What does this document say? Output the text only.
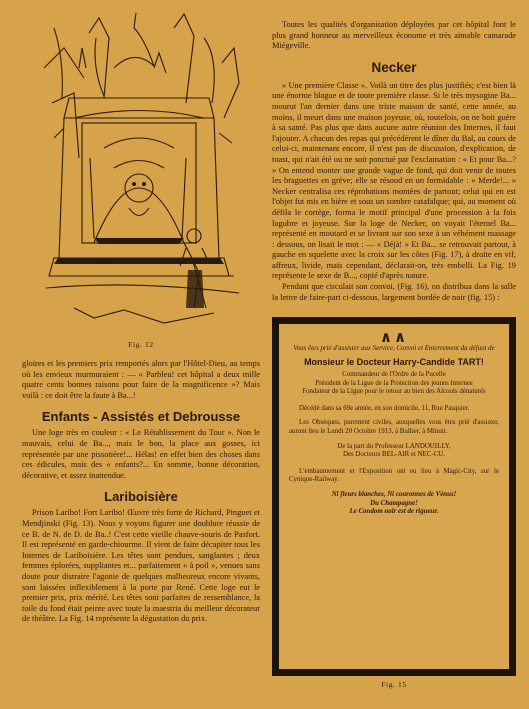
Fig. 12

gloires et les premiers prix remportés alors par l'Hôtel-Dieu, au temps où les envieux murmuraient : — « Parbleu! cet hôpital a deux mille quatre cents bonnes raisons pour faire de la magnificence »? Mais voilà : ce doit être la faute à Ba...!

Enfants - Assistés et Debrousse

Une loge très en couleur : « Le Rétablissement du Tour ». Non le mauvais, celui de Ba..., mais le bon, la place aux gosses, ici représentée par une pissotière!... Hélas! en effet bien des choses dans ces édicules, mais des « enfants?... En somme, bonne décoration, décorative, et assez inattendue.

Lariboisière

Prison Laribo! Fort Laribo! Œuvre très forte de Richard, Pinguet et Mendjinski (Fig. 13). Nous y voyons figurer une doublure réussie de ce B. de N. de D. de Ba..! C'est cette vieille chauve-souris de Pasfort. Il est représenté en garde-chiourme. Il vient de faire décapiter tous les Internes de Lariboisière. Les têtes sont pendues, sanglantes ; deux femmes éplorées, suppliantes et... parfaitement « à poil », venues sans doute pour distraire l'agonie de quelques malheureux encore vivants, sont laissées inflexiblement à la porte par René. Cette loge eut le premier prix, prix mérité. Les têtes sont parfaites de ressemblance, la toile du fond était peinte avec toute la maestria du meilleur décorateur de théâtre. La Fig. 14 représente la dégustation du prix.

Toutes les qualités d'organisation déployées par cet hôpital font le plus grand honneur au merveilleux économe et très aimable camarade Miégeville.

Necker

« Une première Classe ». Voilà un titre des plus justifiés; c'est bien là une énorme blague et de toute première classe. Si le très mysogine Ba... mourut l'an dernier dans une triste maison de santé, cette année, au moins, il meurt dans une maison joyeuse, où, toutefois, on ne boit guère à sa santé. Pas plus que dans aucune autre réunion des Internes, il faut l'ajouter. A chacun des repas qui précédèrent le dîner du Bal, au cours de celui-ci, maintenant encore, il n'est pas de discussion, d'explication, de toast, qui n'ait été ou ne soit ponctué par l'exclamation : « Et pour Ba...? » On entend monter une grande vague de fond, qui doit venir de toutes les braguettes en grève; elle se résoud en un formidable : « Merde!... » Necker centralisa ces réprobations montées de partout; celui qui en est l'objet fut mis en bière et sous un sombre catafalque; qui, au moment où défila le cortège, forma le motif principal d'une procession à la fois lugubre et joyeuse. Sur la loge de Necker, on voyait l'éternel Ba... représenté en moutard et se livrant sur son sexe à un véhément massage : dessous, on lisait le mot : — « Déjà! » Et Ba... se retrouvait partout, à gauche en squelette avec la croix sur les côtes (Fig. 17), à droite en vif, affreux, livide, mais cependant, déclarait-on, très embelli. La Fig. 19 représente le sexe de B..., copié d'après nature.

Pendant que circulait son convoi, (Fig. 16), on distribua dans la salle la lettre de faire-part ci-dessous, largement bordée de noir (fig. 15) :

∧∧
Vous êtes prié d'assister aux Service, Convoi et Enterrement du défunt de
Monsieur le Docteur Harry-Candide TART!
Commandeur de l'Ordre de la Pucelle
Président de la Ligue de la Protection des jeunes Internes
Fondateur de la Ligue pour le retour au bien des Alcools dénaturés

Décédé dans sa 69e année, en son domicile, 11, Rue Pasquier.

Les Obsèques, purement civiles, auxquelles vous êtes prié d'assister, auront lieu le Lundi 20 Octobre 1913, à Bullier, à Minuit.

De la part du Professeur LANDOUILLY,
Des Docteurs BEL-AIR et NEC-CU.

L'embaumement et l'Exposition ont eu lieu à Magic-City, sur le Cynique-Railway.

Ni fleurs blanches, Ni couronnes de Vénus!
Du Champagne!
Le Condom noir est de rigueur.
Fig. 15
